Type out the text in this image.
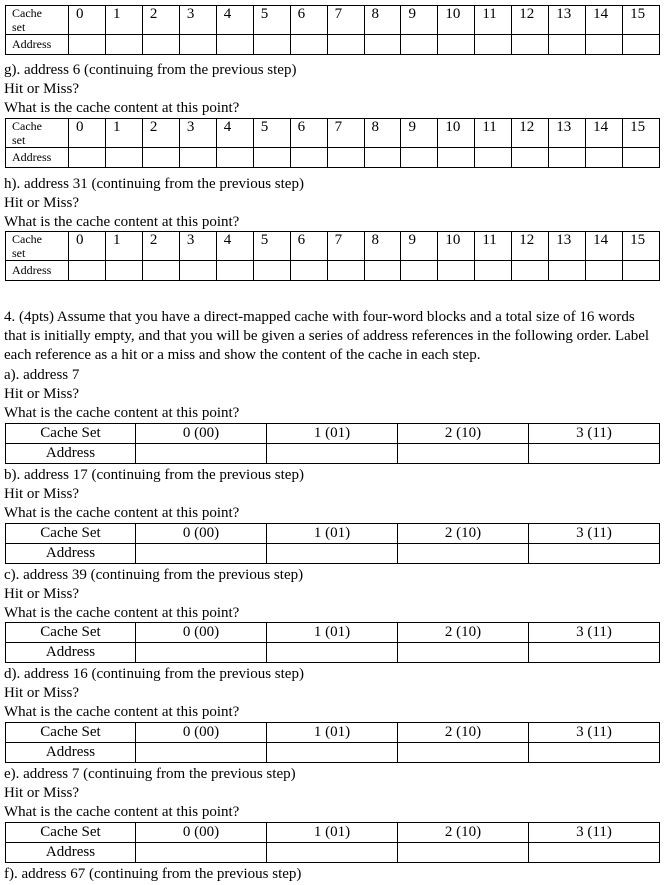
Cache
set	0	1	2	3	4	5	6	7	8	9	10	11	12	13	14	15
Address																
g). address 6 (continuing from the previous step)
Hit or Miss?
What is the cache content at this point?
Cache
set	0	1	2	3	4	5	6	7	8	9	10	11	12	13	14	15
Address																
h). address 31 (continuing from the previous step)
Hit or Miss?
What is the cache content at this point?
Cache
set	0	1	2	3	4	5	6	7	8	9	10	11	12	13	14	15
Address																
4. (4pts) Assume that you have a direct-mapped cache with four-word blocks and a total size of 16 words that is initially empty, and that you will be given a series of address references in the following order. Label each reference as a hit or a miss and show the content of the cache in each step.
a). address 7
Hit or Miss?
What is the cache content at this point?
Cache Set	0 (00)	1 (01)	2 (10)	3 (11)
Address				
b). address 17 (continuing from the previous step)
Hit or Miss?
What is the cache content at this point?
Cache Set	0 (00)	1 (01)	2 (10)	3 (11)
Address				
c). address 39 (continuing from the previous step)
Hit or Miss?
What is the cache content at this point?
Cache Set	0 (00)	1 (01)	2 (10)	3 (11)
Address				
d). address 16 (continuing from the previous step)
Hit or Miss?
What is the cache content at this point?
Cache Set	0 (00)	1 (01)	2 (10)	3 (11)
Address				
e). address 7 (continuing from the previous step)
Hit or Miss?
What is the cache content at this point?
Cache Set	0 (00)	1 (01)	2 (10)	3 (11)
Address				
f). address 67 (continuing from the previous step)
